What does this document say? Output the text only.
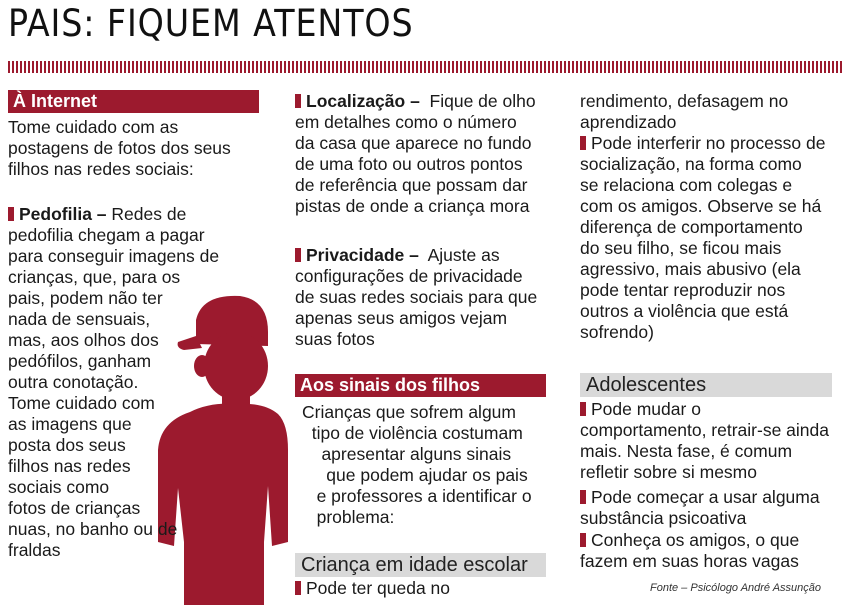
PAIS: FIQUEM ATENTOS
À Internet
Tome cuidado com as
postagens de fotos dos seus
filhos nas redes sociais:
Pedofilia – Redes de
pedofilia chegam a pagar
para conseguir imagens de
crianças, que, para os
pais, podem não ter
nada de sensuais,
mas, aos olhos dos
pedófilos, ganham
outra conotação.
Tome cuidado com
as imagens que
posta dos seus
filhos nas redes
sociais como
fotos de crianças
nuas, no banho ou de
fraldas
Localização –  Fique de olho
em detalhes como o número
da casa que aparece no fundo
de uma foto ou outros pontos
de referência que possam dar
pistas de onde a criança mora
Privacidade –  Ajuste as
configurações de privacidade
de suas redes sociais para que
apenas seus amigos vejam
suas fotos
Aos sinais dos filhos
Crianças que sofrem algum
tipo de violência costumam
apresentar alguns sinais
que podem ajudar os pais
e professores a identificar o
problema:
Criança em idade escolar
Pode ter queda no
rendimento, defasagem no
aprendizado
Pode interferir no processo de
socialização, na forma como
se relaciona com colegas e
com os amigos. Observe se há
diferença de comportamento
do seu filho, se ficou mais
agressivo, mais abusivo (ela
pode tentar reproduzir nos
outros a violência que está
sofrendo)
Adolescentes
Pode mudar o
comportamento, retrair-se ainda
mais. Nesta fase, é comum
refletir sobre si mesmo
Pode começar a usar alguma
substância psicoativa
Conheça os amigos, o que
fazem em suas horas vagas
Fonte – Psicólogo André Assunção
